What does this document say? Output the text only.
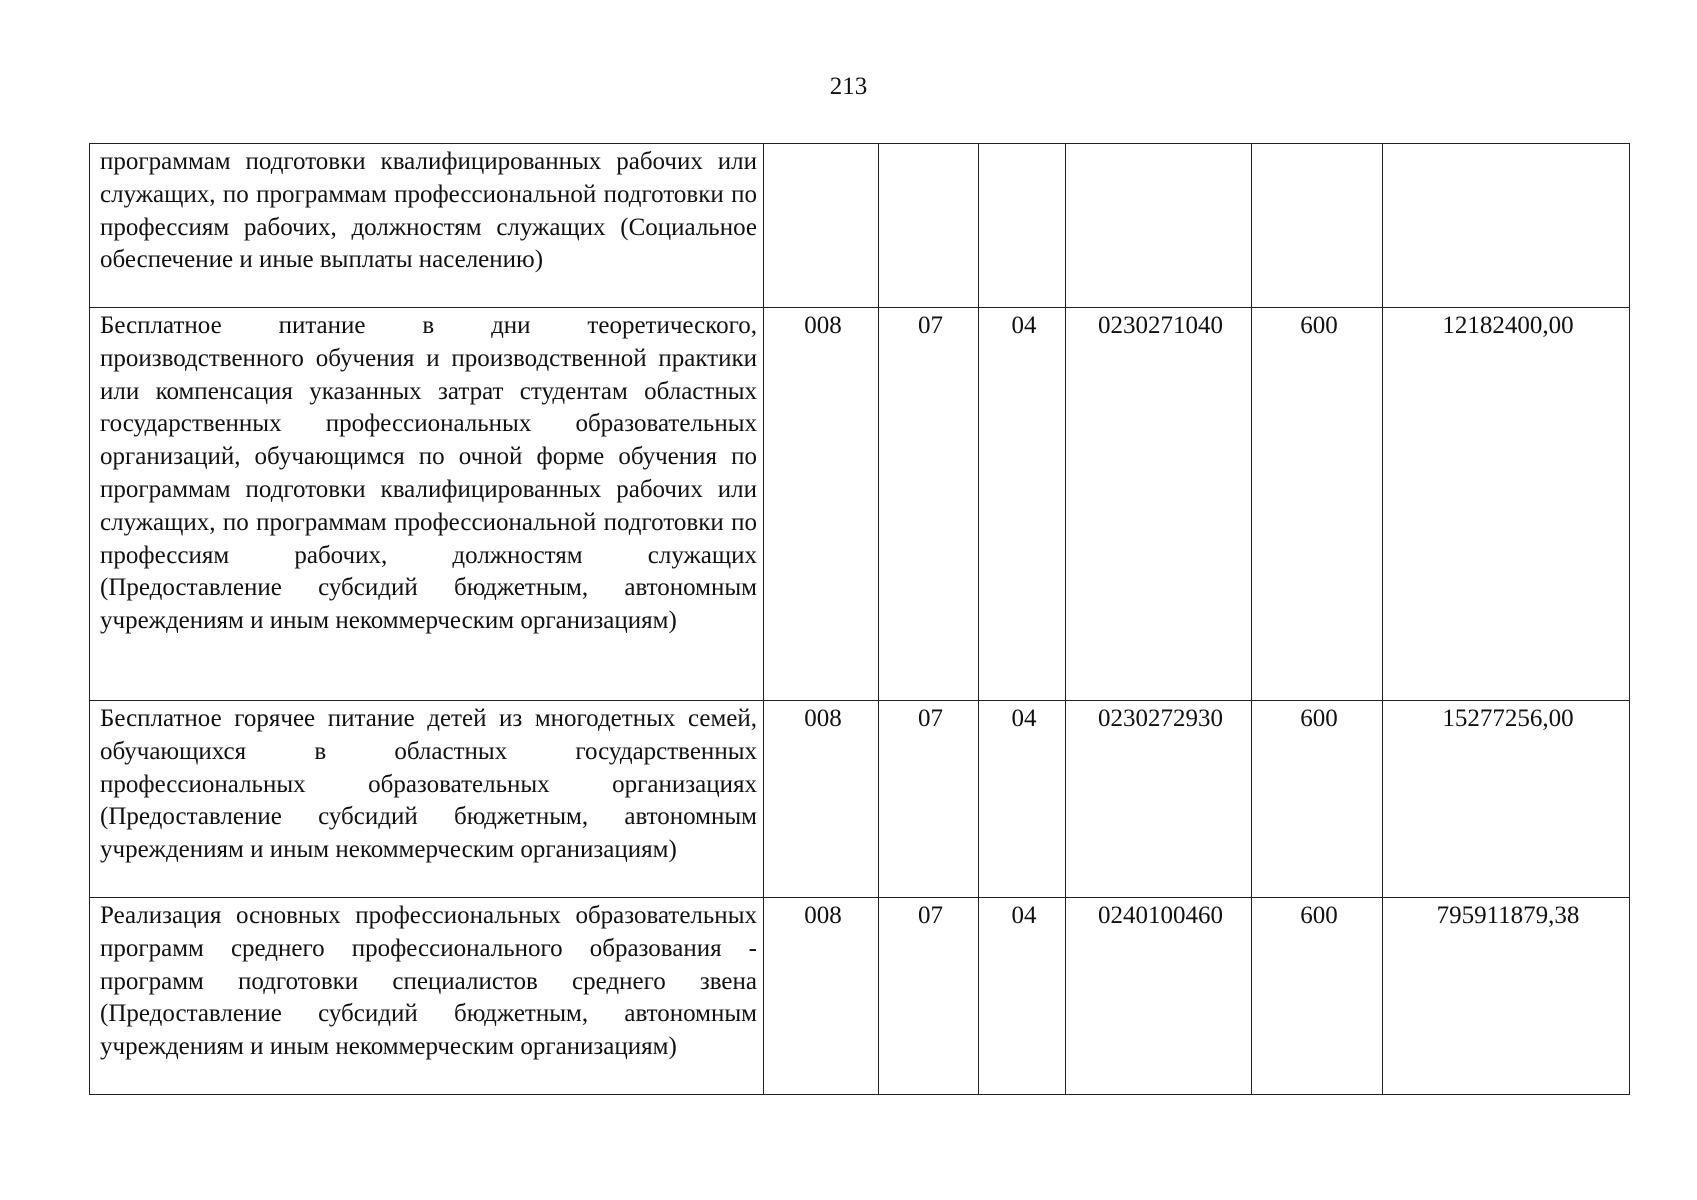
213
программам подготовки квалифицированных рабочих или служащих, по программам профессиональной подготовки по профессиям рабочих, должностям служащих (Социальное обеспечение и иные выплаты населению)						
Бесплатное питание в дни теоретического, производственного обучения и производственной практики или компенсация указанных затрат студентам областных государственных профессиональных образовательных организаций, обучающимся по очной форме обучения по программам подготовки квалифицированных рабочих или служащих, по программам профессиональной подготовки по профессиям рабочих, должностям служащих (Предоставление субсидий бюджетным, автономным учреждениям и иным некоммерческим организациям)	008	07	04	0230271040	600	12182400,00
Бесплатное горячее питание детей из многодетных семей, обучающихся в областных государственных профессиональных образовательных организациях (Предоставление субсидий бюджетным, автономным учреждениям и иным некоммерческим организациям)	008	07	04	0230272930	600	15277256,00
Реализация основных профессиональных образовательных программ среднего профессионального образования - программ подготовки специалистов среднего звена (Предоставление субсидий бюджетным, автономным учреждениям и иным некоммерческим организациям)	008	07	04	0240100460	600	795911879,38
